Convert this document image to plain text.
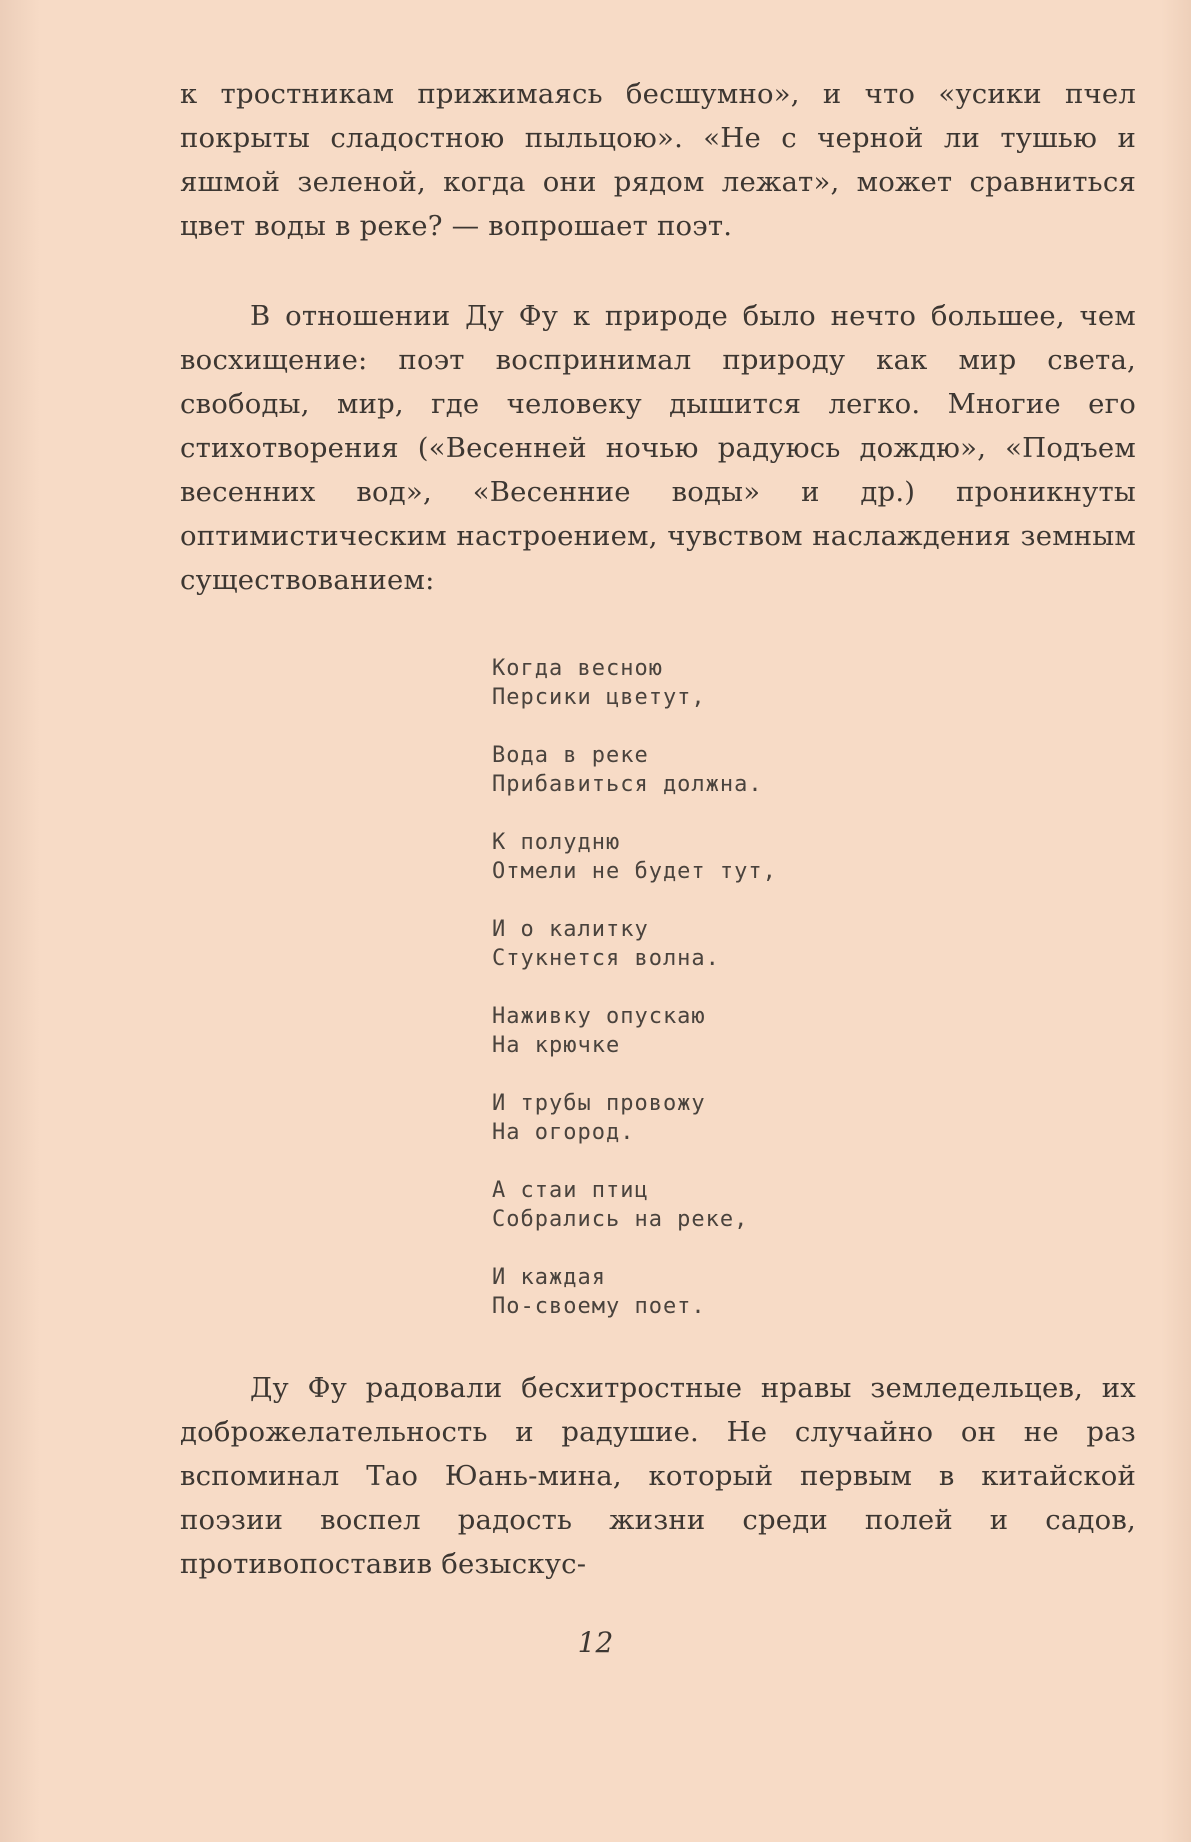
к тростникам прижимаясь бесшумно», и что «усики пчел покрыты сладостною пыльцою». «Не с черной ли тушью и яшмой зеленой, когда они рядом лежат», может сравниться цвет воды в реке? — вопрошает поэт.

В отношении Ду Фу к природе было нечто большее, чем восхищение: поэт воспринимал природу как мир света, свободы, мир, где человеку дышится легко. Многие его стихотворения («Весенней ночью радуюсь дождю», «Подъем весенних вод», «Весенние воды» и др.) проникнуты оптимистическим настроением, чувством наслаждения земным существованием:

Когда весною
Персики цветут,
Вода в реке
Прибавиться должна.
К полудню
Отмели не будет тут,
И о калитку
Стукнется волна.
Наживку опускаю
На крючке
И трубы провожу
На огород.
А стаи птиц
Собрались на реке,
И каждая
По-своему поет.

Ду Фу радовали бесхитростные нравы земледельцев, их доброжелательность и радушие. Не случайно он не раз вспоминал Тао Юань-мина, который первым в китайской поэзии воспел радость жизни среди полей и садов, противопоставив безыскус-

12
